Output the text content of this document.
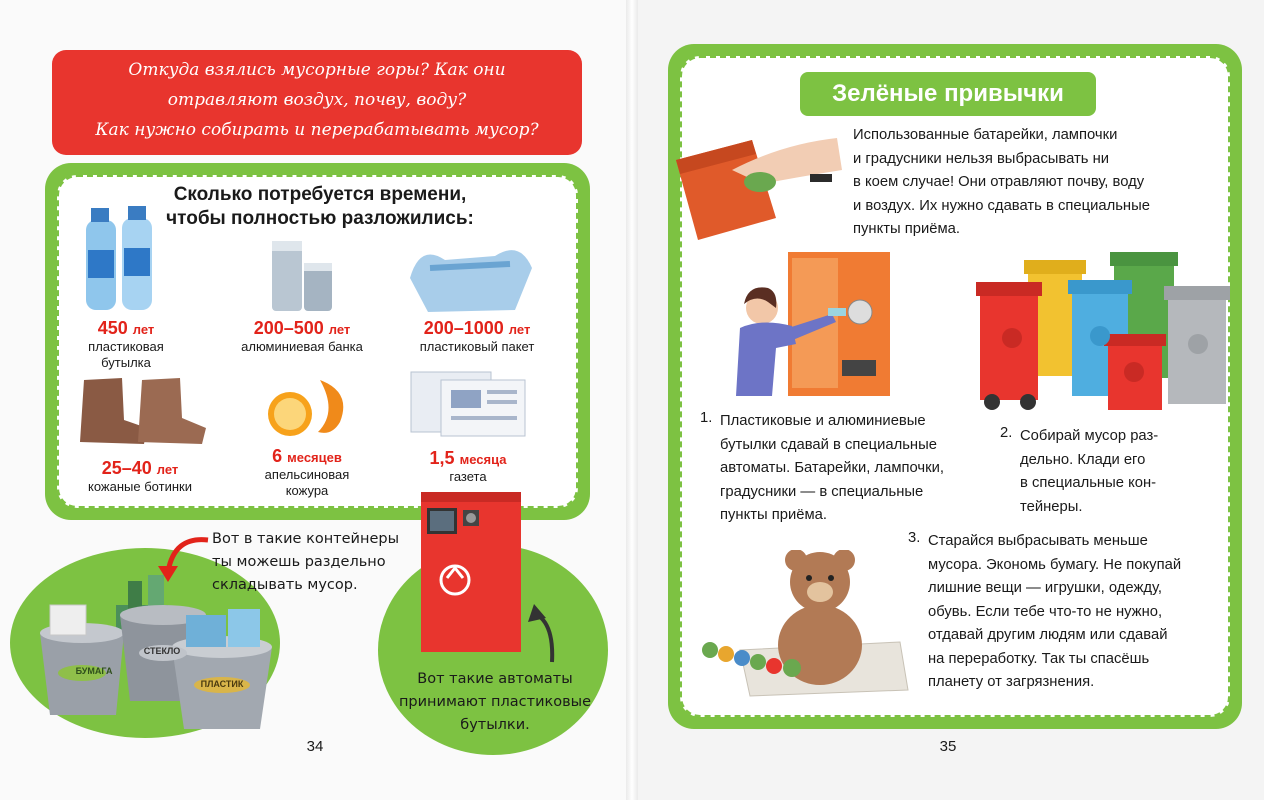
Откуда взялись мусорные горы? Как они
отравляют воздух, почву, воду?
Как нужно собирать и перерабатывать мусор?
Сколько потребуется времени,
чтобы полностью разложились:
450 лет
пластиковая
бутылка
200–500 лет
алюминиевая банка
200–1000 лет
пластиковый пакет
25–40 лет
кожаные ботинки
6 месяцев
апельсиновая
кожура
1,5 месяца
газета
БУМАГА
СТЕКЛО
ПЛАСТИК
Вот в такие контейнеры
ты можешь раздельно
складывать мусор.
Вот такие автоматы
принимают пластиковые
бутылки.
34
Зелёные привычки
Использованные батарейки, лампочки
и градусники нельзя выбрасывать ни
в коем случае! Они отравляют почву, воду
и воздух. Их нужно сдавать в специальные
пункты приёма.
1. Пластиковые и алюминиевые
бутылки сдавай в специальные
автоматы. Батарейки, лампочки,
градусники — в специальные
пункты приёма.
2. Собирай мусор раз-
дельно. Клади его
в специальные кон-
тейнеры.
3. Старайся выбрасывать меньше
мусора. Экономь бумагу. Не покупай
лишние вещи — игрушки, одежду,
обувь. Если тебе что-то не нужно,
отдавай другим людям или сдавай
на переработку. Так ты спасёшь
планету от загрязнения.
35
